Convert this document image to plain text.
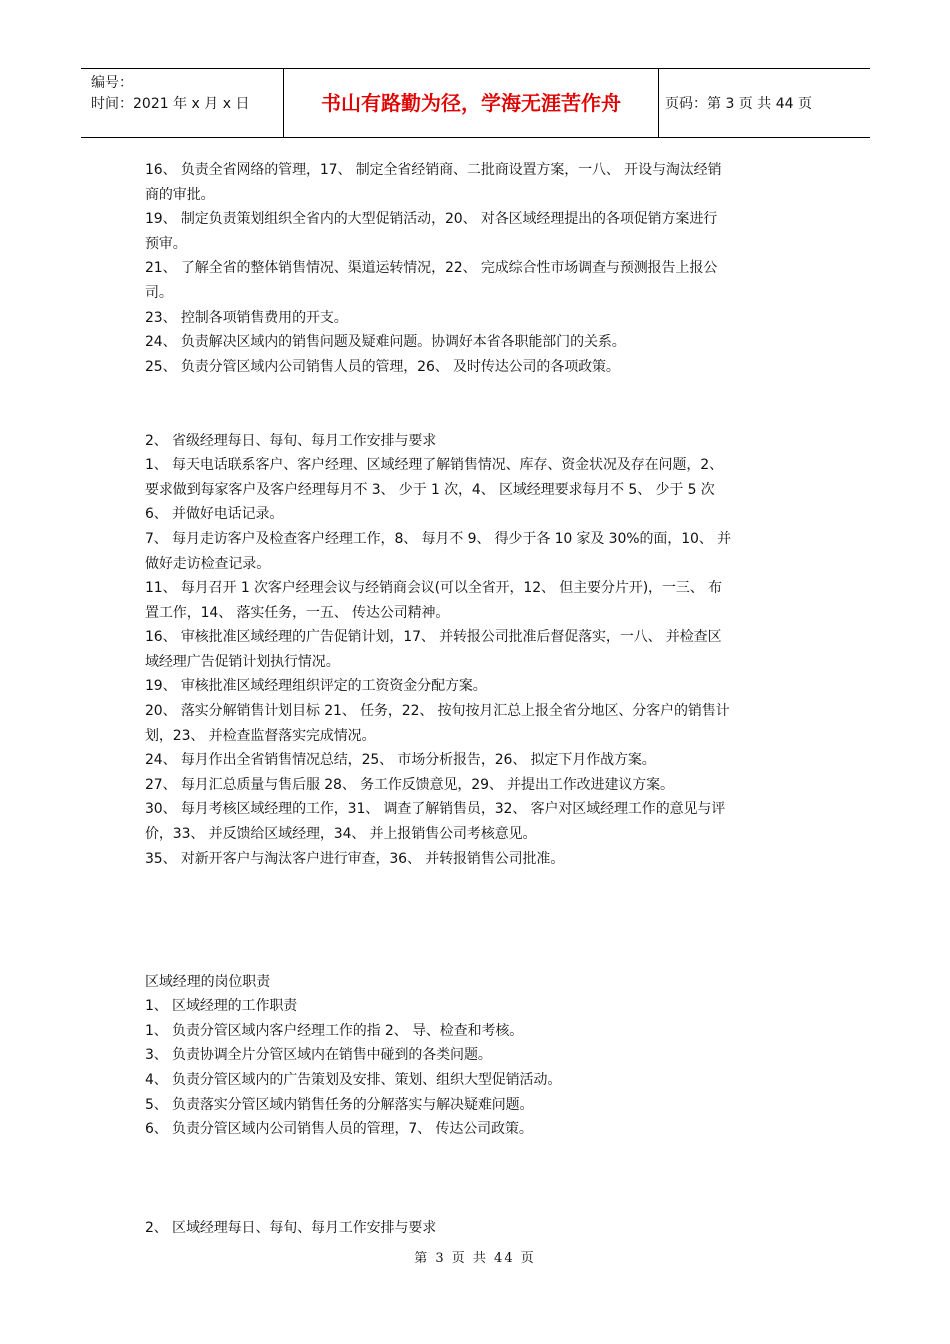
编号：
时间：2021 年 x 月 x 日	书山有路勤为径，学海无涯苦作舟	页码：第 3 页 共 44 页
16、 负责全省网络的管理，17、 制定全省经销商、二批商设置方案，一八、 开设与淘汰经销
商的审批。
19、 制定负责策划组织全省内的大型促销活动，20、 对各区域经理提出的各项促销方案进行
预审。
21、 了解全省的整体销售情况、渠道运转情况，22、 完成综合性市场调查与预测报告上报公
司。
23、 控制各项销售费用的开支。
24、 负责解决区域内的销售问题及疑难问题。协调好本省各职能部门的关系。
25、 负责分管区域内公司销售人员的管理，26、 及时传达公司的各项政策。
2、 省级经理每日、每旬、每月工作安排与要求
1、 每天电话联系客户、客户经理、区域经理了解销售情况、库存、资金状况及存在问题，2、
要求做到每家客户及客户经理每月不 3、 少于 1 次，4、 区域经理要求每月不 5、 少于 5 次
6、 并做好电话记录。
7、 每月走访客户及检查客户经理工作，8、 每月不 9、 得少于各 10 家及 30%的面，10、 并
做好走访检查记录。
11、 每月召开 1 次客户经理会议与经销商会议(可以全省开，12、 但主要分片开)，一三、 布
置工作，14、 落实任务，一五、 传达公司精神。
16、 审核批准区域经理的广告促销计划，17、 并转报公司批准后督促落实，一八、 并检查区
域经理广告促销计划执行情况。
19、 审核批准区域经理组织评定的工资资金分配方案。
20、 落实分解销售计划目标 21、 任务，22、 按旬按月汇总上报全省分地区、分客户的销售计
划，23、 并检查监督落实完成情况。
24、 每月作出全省销售情况总结，25、 市场分析报告，26、 拟定下月作战方案。
27、 每月汇总质量与售后服 28、 务工作反馈意见，29、 并提出工作改进建议方案。
30、 每月考核区域经理的工作，31、 调查了解销售员，32、 客户对区域经理工作的意见与评
价，33、 并反馈给区域经理，34、 并上报销售公司考核意见。
35、 对新开客户与淘汰客户进行审查，36、 并转报销售公司批准。
区域经理的岗位职责
1、 区域经理的工作职责
1、 负责分管区域内客户经理工作的指 2、 导、检查和考核。
3、 负责协调全片分管区域内在销售中碰到的各类问题。
4、 负责分管区域内的广告策划及安排、策划、组织大型促销活动。
5、 负责落实分管区域内销售任务的分解落实与解决疑难问题。
6、 负责分管区域内公司销售人员的管理，7、 传达公司政策。
2、 区域经理每日、每旬、每月工作安排与要求
第 3 页 共 44 页
